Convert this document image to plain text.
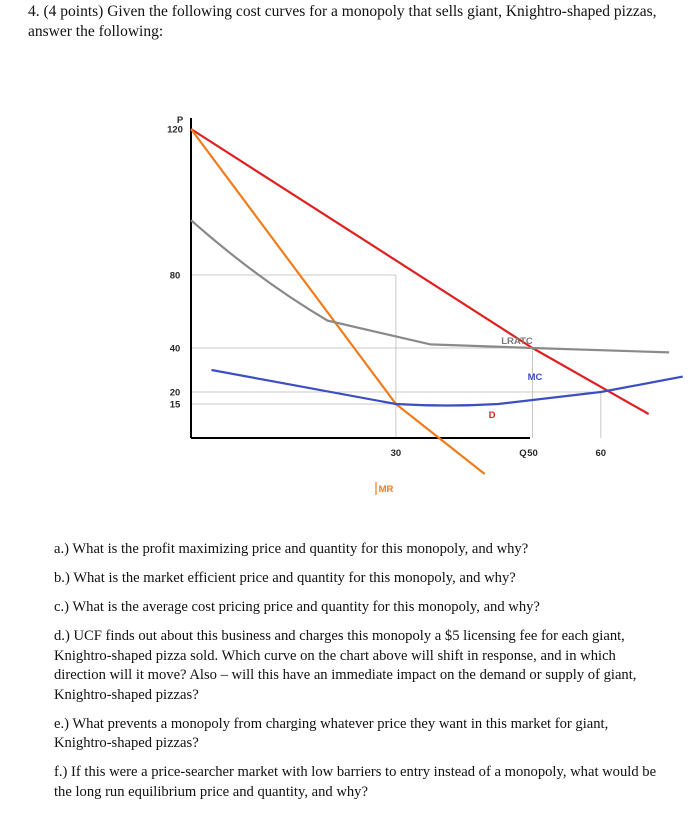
4. (4 points) Given the following cost curves for a monopoly that sells giant, Knightro-shaped pizzas, answer the following:

P
Q
120
80
40
20
15
30	50	60
D
MR
LRATC
MC
a.) What is the profit maximizing price and quantity for this monopoly, and why?
b.) What is the market efficient price and quantity for this monopoly, and why?
c.) What is the average cost pricing price and quantity for this monopoly, and why?
d.) UCF finds out about this business and charges this monopoly a $5 licensing fee for each giant, Knightro-shaped pizza sold. Which curve on the chart above will shift in response, and in which direction will it move? Also – will this have an immediate impact on the demand or supply of giant, Knightro-shaped pizzas?
e.) What prevents a monopoly from charging whatever price they want in this market for giant, Knightro-shaped pizzas?
f.) If this were a price-searcher market with low barriers to entry instead of a monopoly, what would be the long run equilibrium price and quantity, and why?
